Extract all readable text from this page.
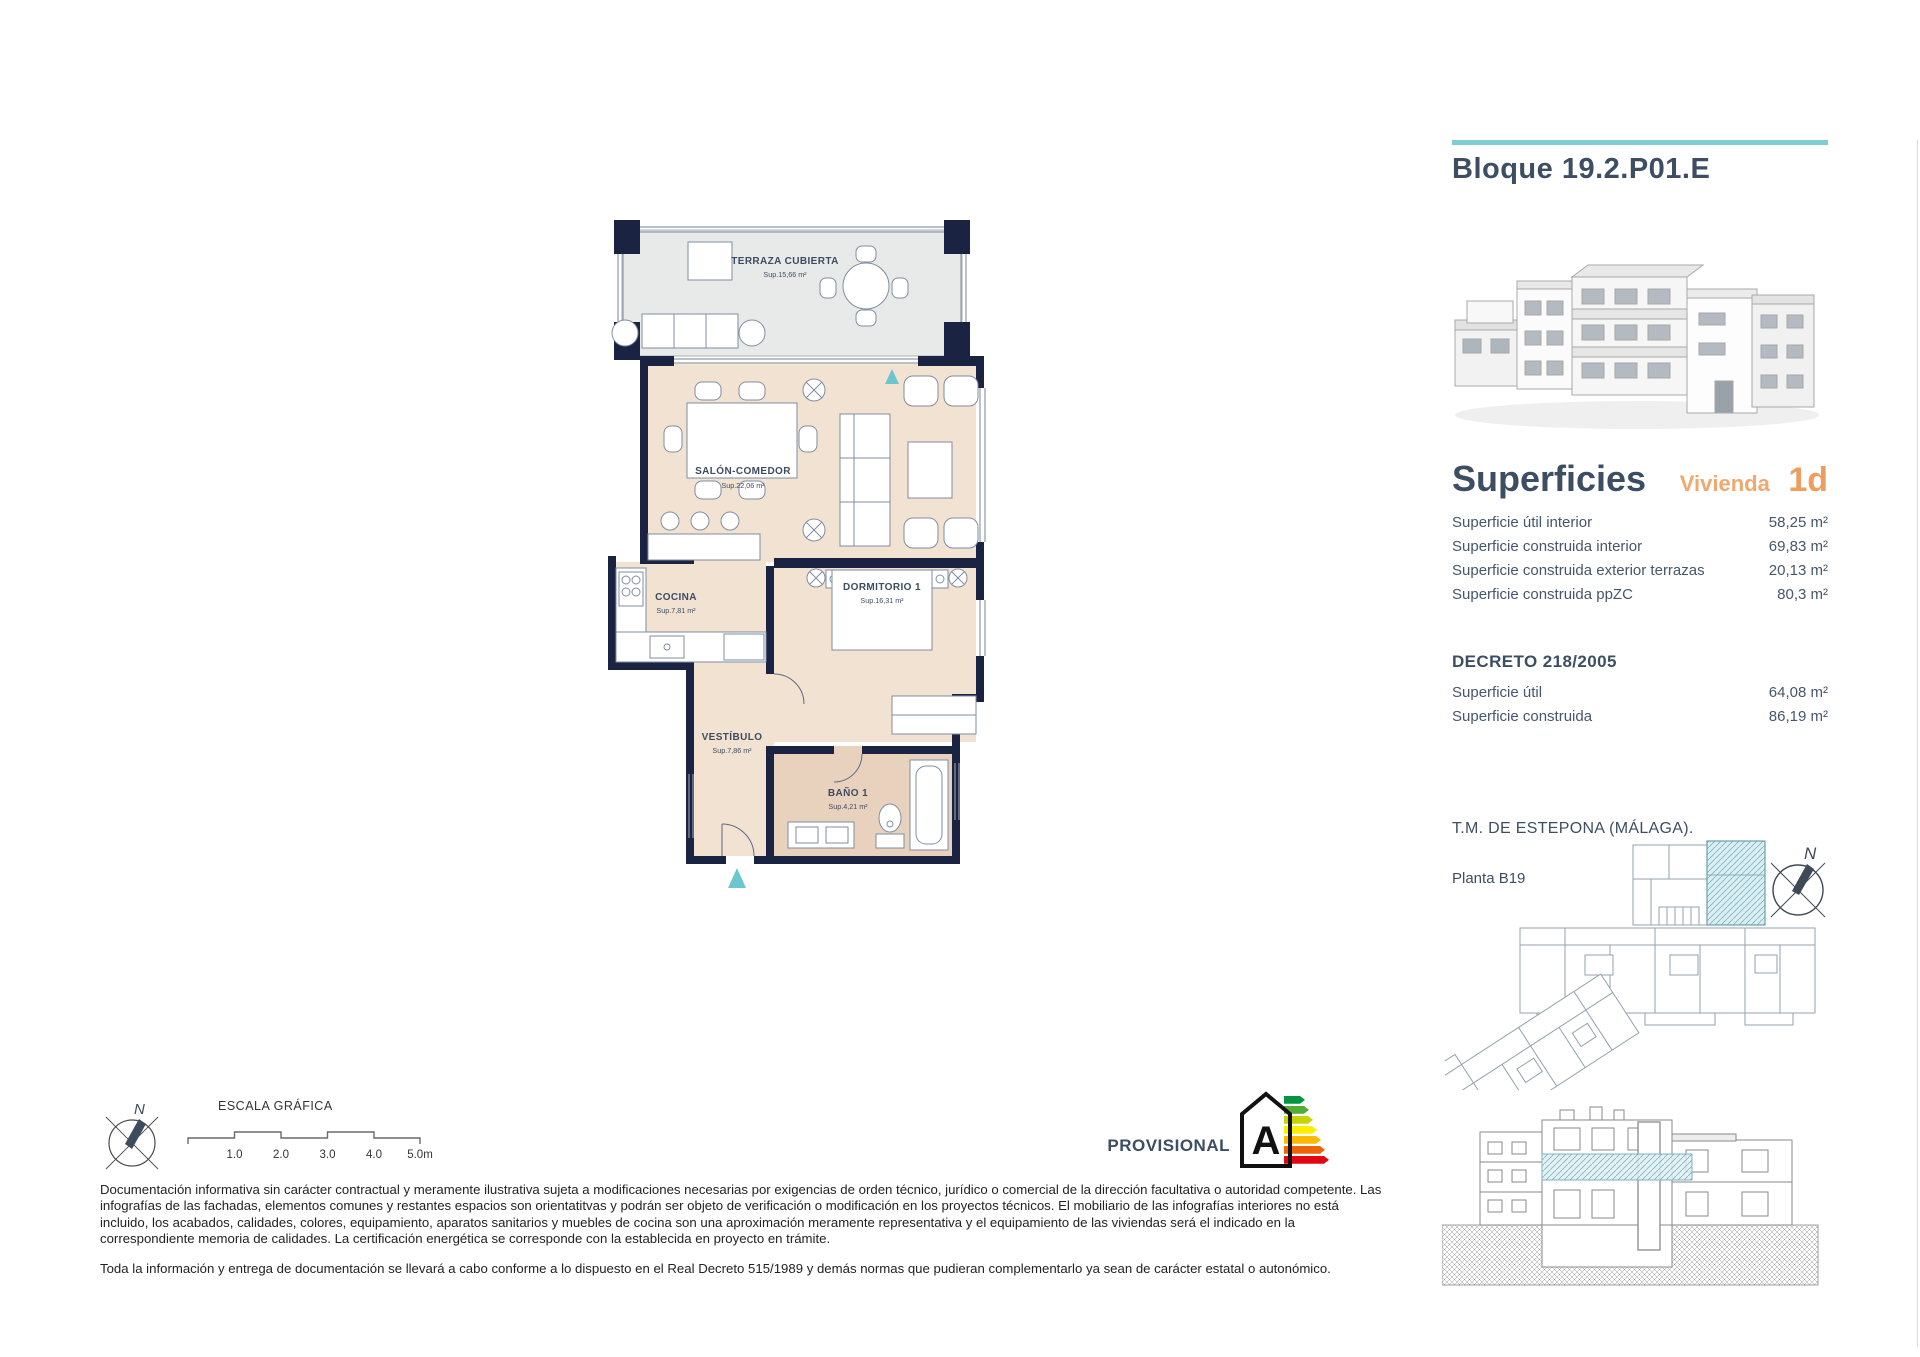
TERRAZA CUBIERTA
Sup.15,66 m²
SALÓN-COMEDOR
Sup.22,06 m²
COCINA
Sup.7,81 m²
DORMITORIO 1
Sup.16,31 m²
VESTÍBULO
Sup.7,86 m²
BAÑO 1
Sup.4,21 m²
Bloque 19.2.P01.E
Superficies Vivienda 1d
Superficie útil interior	58,25 m²
Superficie construida interior	69,83 m²
Superficie construida exterior terrazas	20,13 m²
Superficie construida ppZC	80,3 m²
DECRETO 218/2005
Superficie útil	64,08 m²
Superficie construida	86,19 m²
T.M. DE ESTEPONA (MÁLAGA).
Planta B19
N
N	ESCALA GRÁFICA
1.0	2.0	3.0	4.0 5.0m

Documentación informativa sin carácter contractual y meramente ilustrativa sujeta a modificaciones necesarias por exigencias de orden técnico, jurídico o comercial de la dirección facultativa o autoridad competente. Las infografías de las fachadas, elementos comunes y restantes espacios son orientatitvas y podrán ser objeto de verificación o modificación en los proyectos técnicos. El mobiliario de las infografías interiores no está incluido, los acabados, calidades, colores, equipamiento, aparatos sanitarios y muebles de cocina son una aproximación meramente representativa y el equipamiento de las viviendas será el indicado en la correspondiente memoria de calidades. La certificación energética se corresponde con la establecida en proyecto en trámite.

Toda la información y entrega de documentación se llevará a cabo conforme a lo dispuesto en el Real Decreto 515/1989 y demás normas que pudieran complementarlo ya sean de carácter estatal o autonómico.

PROVISIONAL A
